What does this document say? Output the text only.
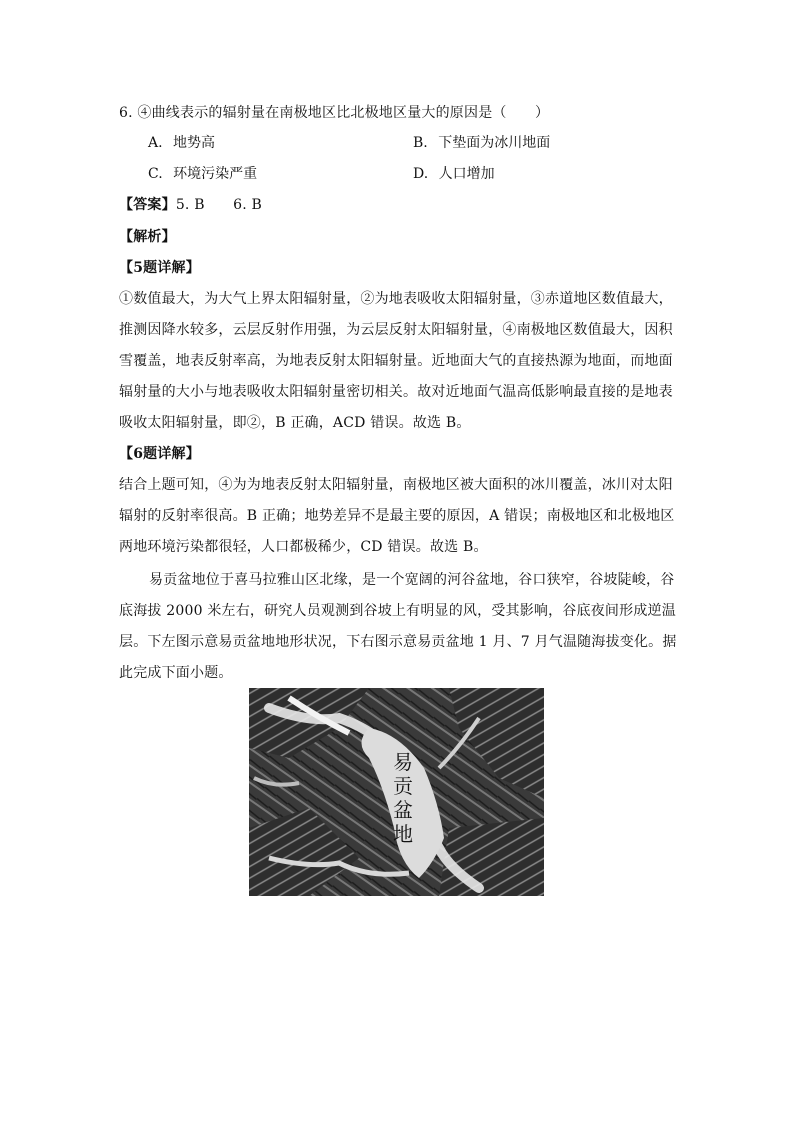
6. ④曲线表示的辐射量在南极地区比北极地区量大的原因是（　　）
A. 地势高	B. 下垫面为冰川地面
C. 环境污染严重	D. 人口增加
【答案】5. B　　6. B
【解析】
【5题详解】
①数值最大，为大气上界太阳辐射量，②为地表吸收太阳辐射量，③赤道地区数值最大，
推测因降水较多，云层反射作用强，为云层反射太阳辐射量，④南极地区数值最大，因积
雪覆盖，地表反射率高，为地表反射太阳辐射量。近地面大气的直接热源为地面，而地面
辐射量的大小与地表吸收太阳辐射量密切相关。故对近地面气温高低影响最直接的是地表
吸收太阳辐射量，即②，B 正确，ACD 错误。故选 B。
【6题详解】
结合上题可知，④为为地表反射太阳辐射量，南极地区被大面积的冰川覆盖，冰川对太阳
辐射的反射率很高。B 正确；地势差异不是最主要的原因，A 错误；南极地区和北极地区
两地环境污染都很轻，人口都极稀少，CD 错误。故选 B。
易贡盆地位于喜马拉雅山区北缘，是一个宽阔的河谷盆地，谷口狭窄，谷坡陡峻，谷
底海拔 2000 米左右，研究人员观测到谷坡上有明显的风，受其影响，谷底夜间形成逆温
层。下左图示意易贡盆地地形状况，下右图示意易贡盆地 1 月、7 月气温随海拔变化。据
此完成下面小题。
易
贡
盆
地
